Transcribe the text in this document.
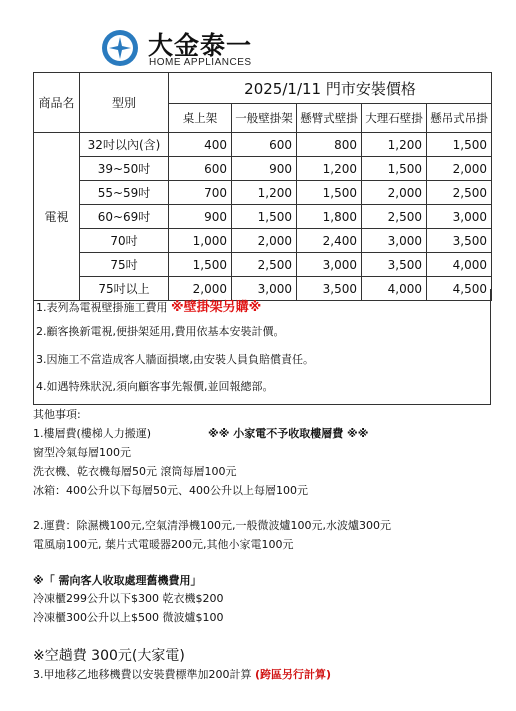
大金泰一
HOME APPLIANCES
商品名	型別	2025/1/11 門市安裝價格				
		桌上架	一般壁掛架	懸臂式壁掛	大理石壁掛	懸吊式吊掛
電視	32吋以內(含)	400	600	800	1,200	1,500
	39~50吋	600	900	1,200	1,500	2,000
	55~59吋	700	1,200	1,500	2,000	2,500
	60~69吋	900	1,500	1,800	2,500	3,000
	70吋	1,000	2,000	2,400	3,000	3,500
	75吋	1,500	2,500	3,000	3,500	4,000
	75吋以上	2,000	3,000	3,500	4,000	4,500
1.表列為電視壁掛施工費用 ※壁掛架另購※
2.顧客換新電視,便掛架延用,費用依基本安裝計價。
3.因施工不當造成客人牆面損壞,由安裝人員負賠償責任。
4.如遇特殊狀況,須向顧客事先報價,並回報總部。
其他事項:
1.樓層費(樓梯人力搬運)	※※ 小家電不予收取樓層費 ※※
窗型冷氣每層100元
洗衣機、乾衣機每層50元 滾筒每層100元
冰箱：400公升以下每層50元、400公升以上每層100元
2.運費：除濕機100元,空氣清淨機100元,一般微波爐100元,水波爐300元
電風扇100元, 葉片式電暖器200元,其他小家電100元
※「 需向客人收取處理舊機費用」
冷凍櫃299公升以下$300 乾衣機$200
冷凍櫃300公升以上$500 微波爐$100
※空趟費 300元(大家電)
3.甲地移乙地移機費以安裝費標準加200計算 (跨區另行計算)
